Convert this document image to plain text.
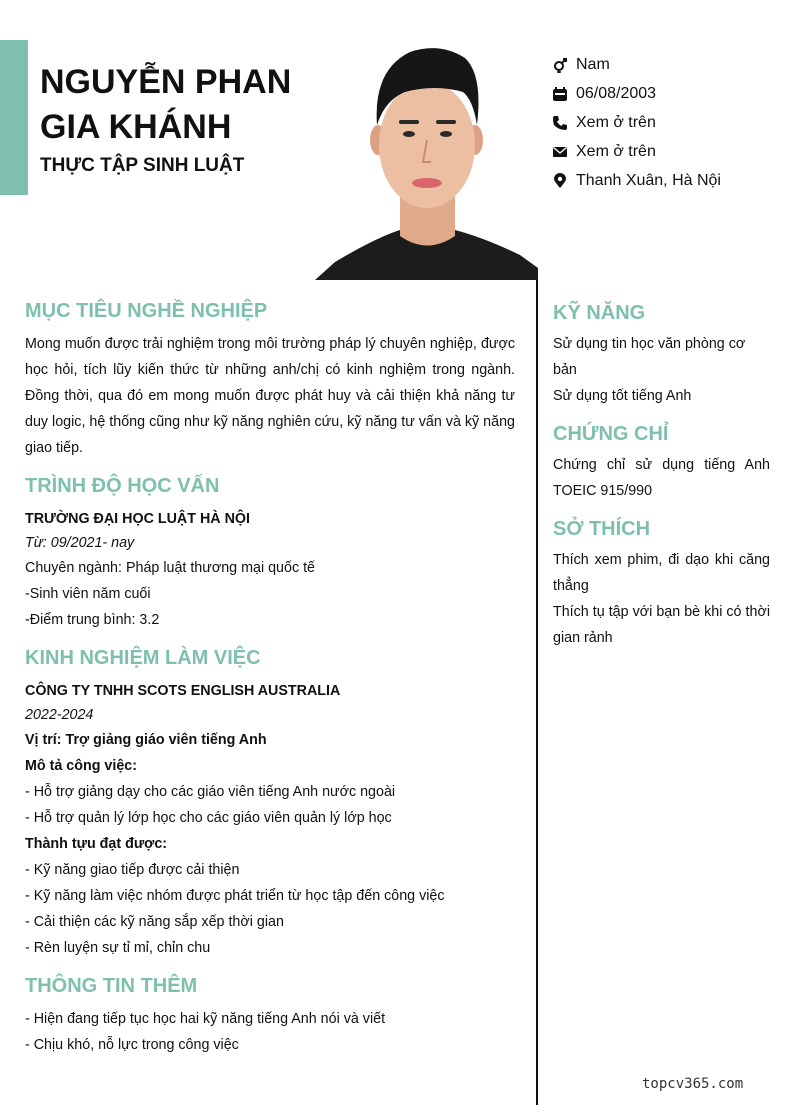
NGUYỄN PHAN
GIA KHÁNH
THỰC TẬP SINH LUẬT
Nam
06/08/2003
Xem ở trên
Xem ở trên
Thanh Xuân, Hà Nội
MỤC TIÊU NGHỀ NGHIỆP

Mong muốn được trải nghiệm trong môi trường pháp lý chuyên nghiệp, được học hỏi, tích lũy kiến thức từ những anh/chị có kinh nghiệm trong ngành. Đồng thời, qua đó em mong muốn được phát huy và cải thiện khả năng tư duy logic, hệ thống cũng như kỹ năng nghiên cứu, kỹ năng tư vấn và kỹ năng giao tiếp.

TRÌNH ĐỘ HỌC VẤN

TRƯỜNG ĐẠI HỌC LUẬT HÀ NỘI

Từ: 09/2021- nay

Chuyên ngành: Pháp luật thương mại quốc tế

-Sinh viên năm cuối

-Điểm trung bình: 3.2

KINH NGHIỆM LÀM VIỆC

CÔNG TY TNHH SCOTS ENGLISH AUSTRALIA

2022-2024

Vị trí: Trợ giảng giáo viên tiếng Anh

Mô tả công việc:

- Hỗ trợ giảng dạy cho các giáo viên tiếng Anh nước ngoài

- Hỗ trợ quản lý lớp học cho các giáo viên quản lý lớp học

Thành tựu đạt được:

- Kỹ năng giao tiếp được cải thiện

- Kỹ năng làm việc nhóm được phát triển từ học tập đến công việc

- Cải thiện các kỹ năng sắp xếp thời gian

- Rèn luyện sự tỉ mỉ, chỉn chu

THÔNG TIN THÊM

- Hiện đang tiếp tục học hai kỹ năng tiếng Anh nói và viết

- Chịu khó, nỗ lực trong công việc

KỸ NĂNG

Sử dụng tin học văn phòng cơ bản

Sử dụng tốt tiếng Anh

CHỨNG CHỈ

Chứng chỉ sử dụng tiếng Anh TOEIC 915/990

SỞ THÍCH

Thích xem phim, đi dạo khi căng thẳng

Thích tụ tập với bạn bè khi có thời gian rảnh

topcv365.com
